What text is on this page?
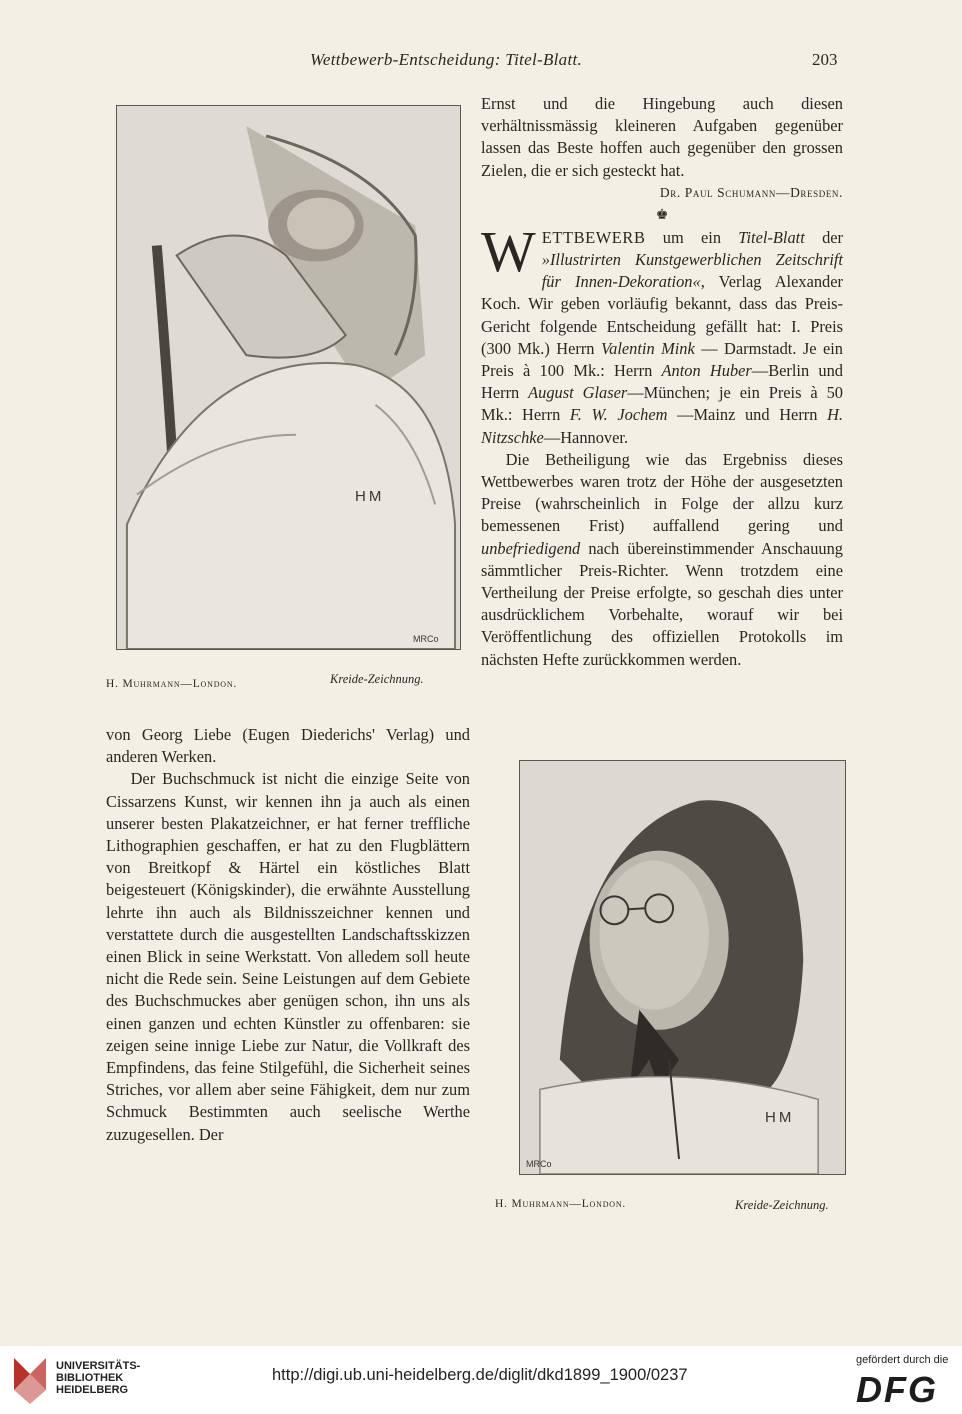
Wettbewerb-Entscheidung: Titel-Blatt.	203
HM
MRCo
H. Muhrmann—London.	Kreide-Zeichnung.

Ernst und die Hingebung auch diesen verhältnissmässig kleineren Aufgaben gegenüber lassen das Beste hoffen auch gegenüber den grossen Zielen, die er sich gesteckt hat.

Dr. Paul Schumann—Dresden.
♚

WETTBEWERB um ein Titel-Blatt der »Illustrirten Kunstgewerblichen Zeitschrift für Innen-Dekoration«, Verlag Alexander Koch. Wir geben vorläufig bekannt, dass das Preis-Gericht folgende Entscheidung gefällt hat: I. Preis (300 Mk.) Herrn Valentin Mink — Darmstadt. Je ein Preis à 100 Mk.: Herrn Anton Huber—Berlin und Herrn August Glaser—München; je ein Preis à 50 Mk.: Herrn F. W. Jochem —Mainz und Herrn H. Nitzschke—Hannover.

Die Betheiligung wie das Ergebniss dieses Wettbewerbes waren trotz der Höhe der ausgesetzten Preise (wahrscheinlich in Folge der allzu kurz bemessenen Frist) auffallend gering und unbefriedigend nach übereinstimmender Anschauung sämmtlicher Preis-Richter. Wenn trotzdem eine Vertheilung der Preise erfolgte, so geschah dies unter ausdrücklichem Vorbehalte, worauf wir bei Veröffentlichung des offiziellen Protokolls im nächsten Hefte zurückkommen werden.

von Georg Liebe (Eugen Diederichs' Verlag) und anderen Werken.

Der Buchschmuck ist nicht die einzige Seite von Cissarzens Kunst, wir kennen ihn ja auch als einen unserer besten Plakatzeichner, er hat ferner treffliche Lithographien geschaffen, er hat zu den Flugblättern von Breitkopf & Härtel ein köstliches Blatt beigesteuert (Königskinder), die erwähnte Ausstellung lehrte ihn auch als Bildnisszeichner kennen und verstattete durch die ausgestellten Landschaftsskizzen einen Blick in seine Werkstatt. Von alledem soll heute nicht die Rede sein. Seine Leistungen auf dem Gebiete des Buchschmuckes aber genügen schon, ihn uns als einen ganzen und echten Künstler zu offenbaren: sie zeigen seine innige Liebe zur Natur, die Vollkraft des Empfindens, das feine Stilgefühl, die Sicherheit seines Striches, vor allem aber seine Fähigkeit, dem nur zum Schmuck Bestimmten auch seelische Werthe zuzugesellen. Der

HM
MRCo
H. Muhrmann—London.	Kreide-Zeichnung.
UNIVERSITÄTS-
BIBLIOTHEK
HEIDELBERG
http://digi.ub.uni-heidelberg.de/diglit/dkd1899_1900/0237
gefördert durch die
DFG
